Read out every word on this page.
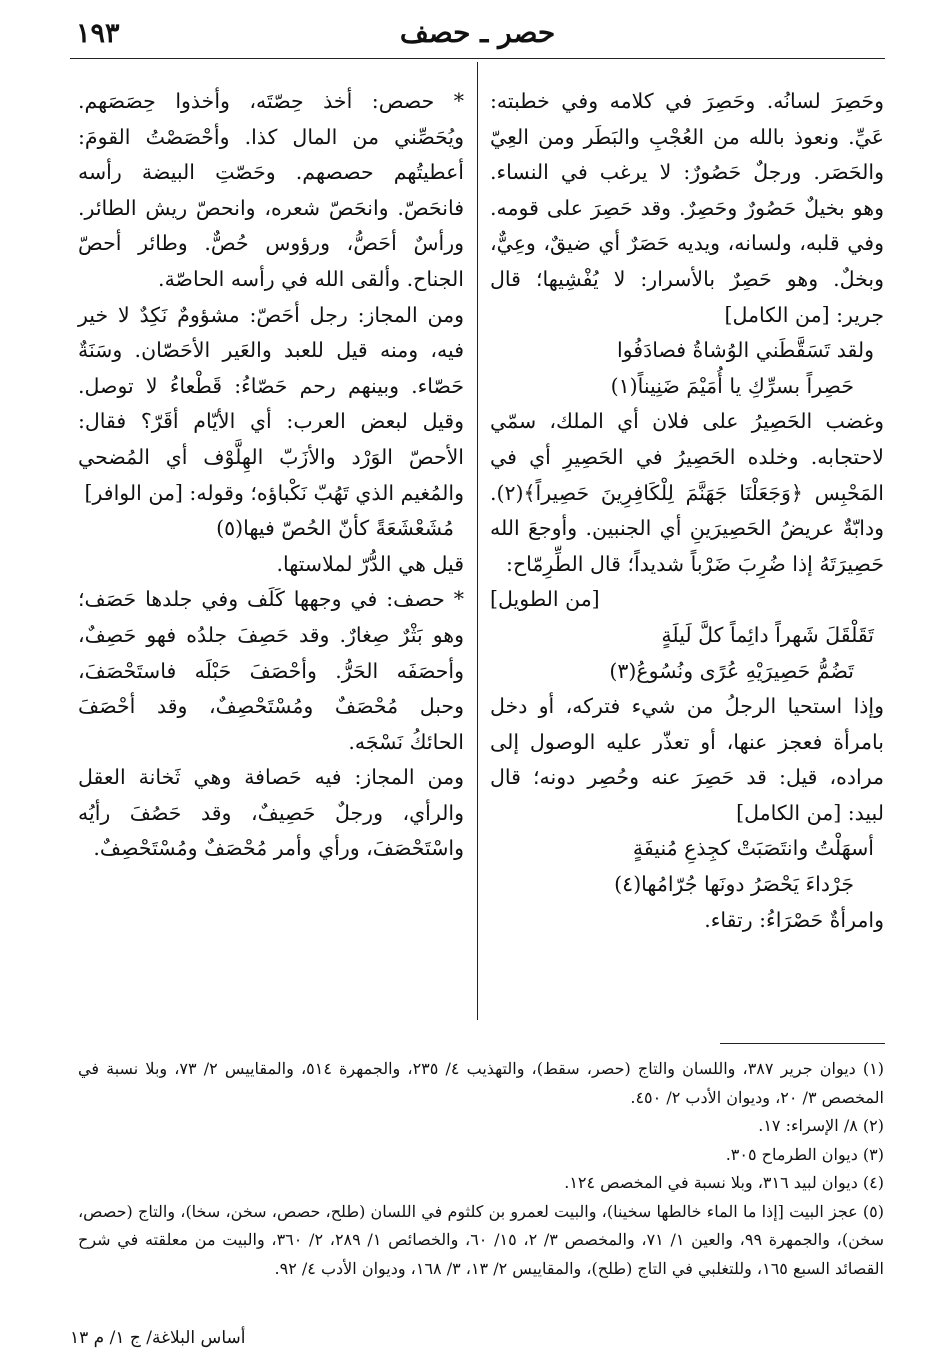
١٩٣	حصر ـ حصف

وحَصِرَ لسانُه. وحَصِرَ في كلامه وفي خطبته: عَيِّ. ونعوذ بالله من العُجْبِ والبَطَر ومن العِيّ والحَصَر. ورجلٌ حَصُورٌ: لا يرغب في النساء. وهو بخيلٌ حَصُورٌ وحَصِرٌ. وقد حَصِرَ على قومه. وفي قلبه، ولسانه، ويديه حَصَرٌ أي ضيقٌ، وعِيٌّ، وبخلٌ. وهو حَصِرٌ بالأسرار: لا يُفْشِيها؛ قال جرير: [من الكامل]

ولقد تَسَقَّطَني الوُشاةُ فصادَفُوا

حَصِراً بسرِّكِ يا أُمَيْمَ ضَنِيناً(١)

وغضب الحَصِيرُ على فلان أي الملك، سمّي لاحتجابه. وخلده الحَصِيرُ في الحَصِيرِ أي في المَحْبِس ﴿وَجَعَلْنَا جَهَنَّمَ لِلْكَافِرِينَ حَصِيراً﴾(٢). ودابّةٌ عريضُ الحَصِيرَينِ أي الجنبين. وأوجعَ الله حَصِيرَتَهُ إذا ضُرِبَ ضَرْباً شديداً؛ قال الطِّرِمّاح:

[من الطويل]

تَقَلْقَلَ شَهراً دائِماً كلَّ لَيلَةٍ

تَضُمُّ حَصِيرَيْهِ عُرًى ونُسُوعُ(٣)

وإذا استحيا الرجلُ من شيء فترکه، أو دخل بامرأة فعجز عنها، أو تعذّر عليه الوصول إلى مراده، قيل: قد حَصِرَ عنه وحُصِر دونه؛ قال لبيد: [من الكامل]

أسهَلْتُ وانتَصَبَتْ كجِذعِ مُنيفَةٍ

جَرْداءَ يَحْصَرُ دونَها جُرّامُها(٤)

وامرأةٌ حَصْرَاءُ: رتقاء.

* حصص: أخذ حِصّتَه، وأخذوا حِصَصَهم. ويُحَصِّني من المال كذا. وأحْصَصْتُ القومَ: أعطيتُهم حصصهم. وحَصّتِ البيضة رأسه فانحَصّ. وانحَصّ شعره، وانحصّ ريش الطائر. ورأسٌ أحَصُّ، ورؤوس حُصٌّ. وطائر أحصّ الجناح. وألقى الله في رأسه الحاصّة.

ومن المجاز: رجل أحَصّ: مشؤومٌ نَكِدٌ لا خير فيه، ومنه قيل للعبد والعَير الأحَصّان. وسَنَةٌ حَصّاء. وبينهم رحم حَصّاءُ: قَطْعاءُ لا توصل. وقيل لبعض العرب: أي الأيّام أقَرّ؟ فقال: الأحصّ الوَرْد والأزَبّ الهِلَّوْف أي المُضحي والمُغيم الذي تَهُبّ نَكْباؤه؛ وقوله: [من الوافر]

مُشَعْشَعَةً كأنّ الحُصّ فيها(٥)

قيل هي الدُّرّ لملاستها.

* حصف: في وجهها كَلَف وفي جلدها حَصَف؛ وهو بَثْرٌ صِغارٌ. وقد حَصِفَ جلدُه فهو حَصِفٌ، وأحصَفَه الحَرُّ. وأحْصَفَ حَبْلَه فاستَحْصَفَ، وحبل مُحْصَفٌ ومُسْتَحْصِفٌ، وقد أحْصَفَ الحائكُ نَسْجَه.

ومن المجاز: فيه حَصافة وهي ثَخانة العقل والرأي، ورجلٌ حَصِيفٌ، وقد حَصُفَ رأيُه واسْتَحْصَفَ، ورأي وأمر مُحْصَفٌ ومُسْتَحْصِفٌ.

(١) ديوان جرير ٣٨٧، واللسان والتاج (حصر، سقط)، والتهذيب ٤/ ٢٣٥، والجمهرة ٥١٤، والمقاييس ٢/ ٧٣، وبلا نسبة في المخصص ٣/ ٢٠، وديوان الأدب ٢/ ٤٥٠.

(٢) ٨/ الإسراء: ١٧.

(٣) ديوان الطرماح ٣٠٥.

(٤) ديوان لبيد ٣١٦، وبلا نسبة في المخصص ١٢٤.

(٥) عجز البيت [إذا ما الماء خالطها سخينا)، والبيت لعمرو بن كلثوم في اللسان (طلح، حصص، سخن، سخا)، والتاج (حصص، سخن)، والجمهرة ٩٩، والعين ١/ ٧١، والمخصص ٣/ ٢، ١٥/ ٦٠، والخصائص ١/ ٢٨٩، ٢/ ٣٦٠، والبيت من معلقته في شرح القصائد السبع ١٦٥، وللتغلبي في التاج (طلح)، والمقاييس ٢/ ١٣، ٣/ ١٦٨، وديوان الأدب ٤/ ٩٢.

أساس البلاغة/ ج ١/ م ١٣
